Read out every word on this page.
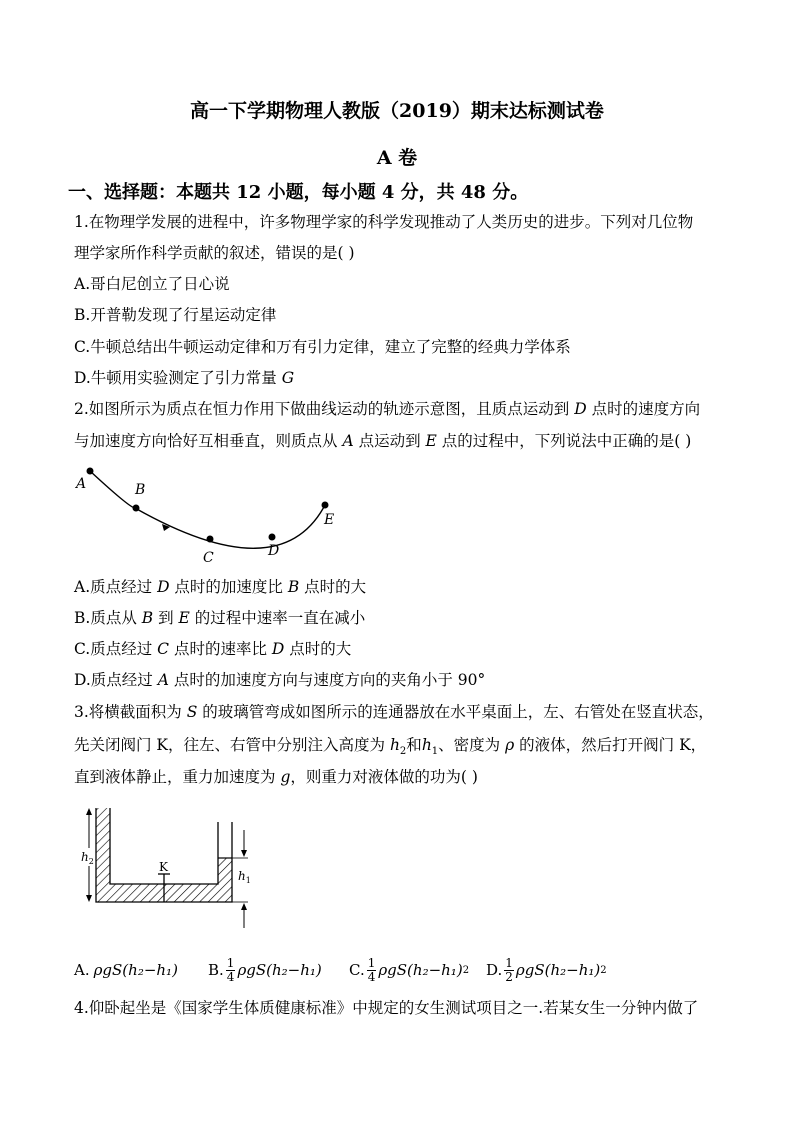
高一下学期物理人教版（2019）期末达标测试卷
A 卷
一、选择题：本题共 12 小题，每小题 4 分，共 48 分。
1.在物理学发展的进程中，许多物理学家的科学发现推动了人类历史的进步。下列对几位物
理学家所作科学贡献的叙述，错误的是( )
A.哥白尼创立了日心说
B.开普勒发现了行星运动定律
C.牛顿总结出牛顿运动定律和万有引力定律，建立了完整的经典力学体系
D.牛顿用实验测定了引力常量 G
2.如图所示为质点在恒力作用下做曲线运动的轨迹示意图，且质点运动到 D 点时的速度方向
与加速度方向恰好互相垂直，则质点从 A 点运动到 E 点的过程中，下列说法中正确的是( )
A	B
C	D
E
A.质点经过 D 点时的加速度比 B 点时的大
B.质点从 B 到 E 的过程中速率一直在减小
C.质点经过 C 点时的速率比 D 点时的大
D.质点经过 A 点时的加速度方向与速度方向的夹角小于 90°
3.将横截面积为 S 的玻璃管弯成如图所示的连通器放在水平桌面上，左、右管处在竖直状态，
先关闭阀门 K，往左、右管中分别注入高度为 $h_2$和$h_1$、密度为 ρ 的液体，然后打开阀门 K，
直到液体静止，重力加速度为 g，则重力对液体做的功为( )
K
$h_2$
$h_1$
A. ρgS(h₂−h₁) B. $\frac{1}{4} \rho gS(h_2-h_1)$ C. $\frac{1}{4} \rho gS(h_2-h_1)$ 2 D. $\frac{1}{2} \rho gS(h_2-h_1)$ 2
4.仰卧起坐是《国家学生体质健康标准》中规定的女生测试项目之一.若某女生一分钟内做了
